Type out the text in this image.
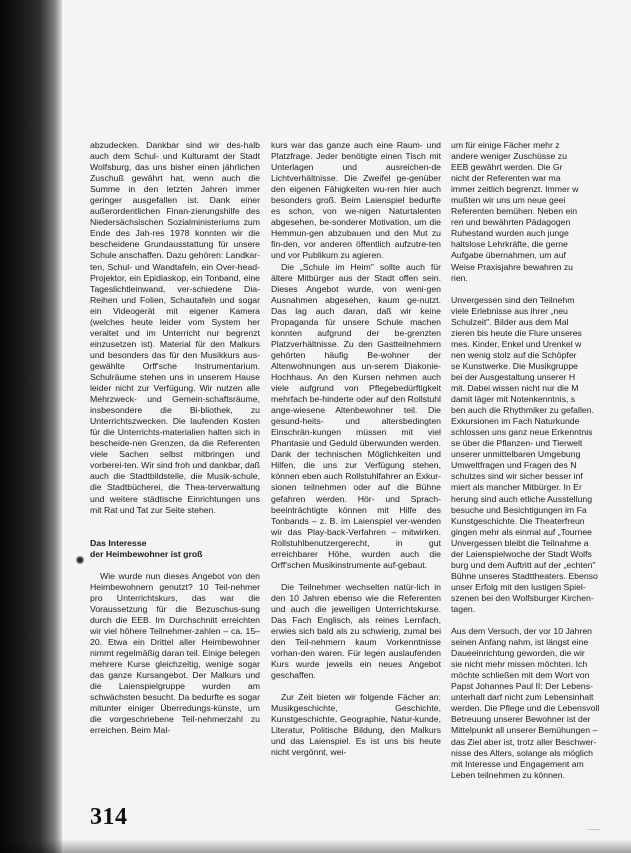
abzudecken. Dankbar sind wir des-halb auch dem Schul- und Kulturamt der Stadt Wolfsburg, das uns bisher einen jährlichen Zuschuß gewährt hat, wenn auch die Summe in den letzten Jahren immer geringer ausgefallen ist. Dank einer außerordentlichen Finan-zierungshilfe des Niedersächsischen Sozialministeriums zum Ende des Jah-res 1978 konnten wir die bescheidene Grundausstattung für unsere Schule anschaffen. Dazu gehören: Landkar-ten, Schul- und Wandtafeln, ein Over-head-Projektor, ein Epidiaskop, ein Tonband, eine Tageslichtleinwand, ver-schiedene Dia-Reihen und Folien, Schautafeln und sogar ein Videogerät mit eigener Kamera (welches heute leider vom System her veraltet und im Unterricht nur begrenzt einzusetzen ist). Material für den Malkurs und besonders das für den Musikkurs aus-gewählte Orff'sche Instrumentarium. Schulräume stehen uns in unserem Hause leider nicht zur Verfügung. Wir nutzen alle Mehrzweck- und Gemein-schaftsräume, insbesondere die Bi-bliothek, zu Unterrichtszwecken. Die laufenden Kosten für die Unterrichts-materialien halten sich in bescheide-nen Grenzen, da die Referenten viele Sachen selbst mitbringen und vorberei-ten. Wir sind froh und dankbar, daß auch die Stadtbildstelle, die Musik-schule, die Stadtbücherei, die Thea-terverwaltung und weitere städtische Einrichtungen uns mit Rat und Tat zur Seite stehen.

Das Interesse
der Heimbewohner ist groß

Wie wurde nun dieses Angebot von den Heimbewohnern genutzt? 10 Teil-nehmer pro Unterrichtskurs, das war die Voraussetzung für die Bezuschus-sung durch die EEB. Im Durchschnitt erreichten wir viel höhere Teilnehmer-zahlen – ca. 15–20. Etwa ein Drittel aller Heimbewohner nimmt regelmäßig daran teil. Einige belegen mehrere Kurse gleichzeitig, wenige sogar das ganze Kursangebot. Der Malkurs und die Laienspielgruppe wurden am schwächsten besucht. Da bedurfte es sogar mitunter einiger Überredungs-künste, um die vorgeschriebene Teil-nehmerzahl zu erreichen. Beim Mal-

kurs war das ganze auch eine Raum- und Platzfrage. Jeder benötigte einen Tisch mit Unterlagen und ausreichen-de Lichtverhältnisse. Die Zweifel ge-genüber den eigenen Fähigkeiten wu-ren hier auch besonders groß. Beim Laienspiel bedurfte es schon, von we-nigen Naturtalenten abgesehen, be-sonderer Motivation, um die Hemmun-gen abzubauen und den Mut zu fin-den, vor anderen öffentlich aufzutre-ten und vor Publikum zu agieren.

Die „Schule im Heim" sollte auch für ältere Mitbürger aus der Stadt offen sein. Dieses Angebot wurde, von weni-gen Ausnahmen abgesehen, kaum ge-nutzt. Das lag auch daran, daß wir keine Propaganda für unsere Schule machen konnten aufgrund der be-grenzten Platzverhältnisse. Zu den Gastteilnehmern gehörten häufig Be-wohner der Altenwohnungen aus un-serem Diakonie-Hochhaus. An den Kursen nehmen auch viele aufgrund von Pflegebedürftigkeit mehrfach be-hinderte oder auf den Rollstuhl ange-wiesene Altenbewohner teil. Die gesund-heits- und altersbedingten Einschrän-kungen müssen mit viel Phantasie und Geduld überwunden werden. Dank der technischen Möglichkeiten und Hilfen, die uns zur Verfügung stehen, können eben auch Rollstuhlfahrer an Exkur-sionen teilnehmen oder auf die Bühne gefahren werden. Hör- und Sprach-beeinträchtigte können mit Hilfe des Tonbands – z. B. im Laienspiel ver-wenden wir das Play-back-Verfahren – mitwirken. Rollstuhlbenutzergerecht, in gut erreichbarer Höhe, wurden auch die Orff'schen Musikinstrumente auf-gebaut.

Die Teilnehmer wechselten natür-lich in den 10 Jahren ebenso wie die Referenten und auch die jeweiligen Unterrichtskurse. Das Fach Englisch, als reines Lernfach, erwies sich bald als zu schwierig, zumal bei den Teil-nehmern kaum Vorkenntnisse vorhan-den waren. Für legen auslaufenden Kurs wurde jeweils ein neues Angebot geschaffen.

Zur Zeit bieten wir folgende Fächer an: Musikgeschichte, Geschichte, Kunstgeschichte, Geographie, Natur-kunde, Literatur, Politische Bildung, den Malkurs und das Laienspiel. Es ist uns bis heute nicht vergönnt, wei-

um für einige Fächer mehr z
andere weniger Zuschüsse zu
EEB gewährt werden. Die Gr
nicht der Referenten war ma
immer zeitlich begrenzt. Immer w
mußten wir uns um neue geei
Referenten bemühen. Neben ein
ren und bewährten Pädagogen
Ruhestand wurden auch junge
haltslose Lehrkräfte, die gerne
Aufgabe übernahmen, um auf
Weise Praxisjahre bewahren zu
rien.

Unvergessen sind den Teilnehm
viele Erlebnisse aus ihrer „neu
Schulzeit". Bilder aus dem Mal
zieren bis heute die Flure unseres
mes. Kinder, Enkel und Urenkel w
nen wenig stolz auf die Schöpfer
se Kunstwerke. Die Musikgruppe
bei der Ausgestaltung unserer H
mit. Dabei wissen nicht nur die M
damit läger mit Notenkenntnis, s
ben auch die Rhythmiker zu gefallen.
Exkursionen im Fach Naturkunde
schlossen uns ganz neue Erkenntnis
se über die Pflanzen- und Tierwelt
unserer unmittelbaren Umgebung
Umweltfragen und Fragen des N
schutzes sind wir sicher besser inf
miert als mancher Mitbürger. In Er
herung sind auch etliche Ausstellung
besuche und Besichtigungen im Fa
Kunstgeschichte. Die Theaterfreun
gingen mehr als einmal auf „Tournee
Unvergessen bleibt die Teilnahme a
der Laienspielwoche der Stadt Wolfs
burg und dem Auftritt auf der „echten"
Bühne unseres Stadttheaters. Ebenso
unser Erfolg mit den lustigen Spiel-
szenen bei den Wolfsburger Kirchen-
tagen.

Aus dem Versuch, der vor 10 Jahren
seinen Anfang nahm, ist längst eine
Daueeinrichtung geworden, die wir
sie nicht mehr missen möchten. Ich
möchte schließen mit dem Wort von
Papst Johannes Paul II: Der Lebens-
unterhalt darf nicht zum Lebensinhalt
werden. Die Pflege und die Lebensvoll
Betreuung unserer Bewohner ist der
Mittelpunkt all unserer Bemühungen –
das Ziel aber ist, trotz aller Beschwer-
nisse des Alters, solange als möglich
mit Interesse und Engagement am
Leben teilnehmen zu können.
314	........
